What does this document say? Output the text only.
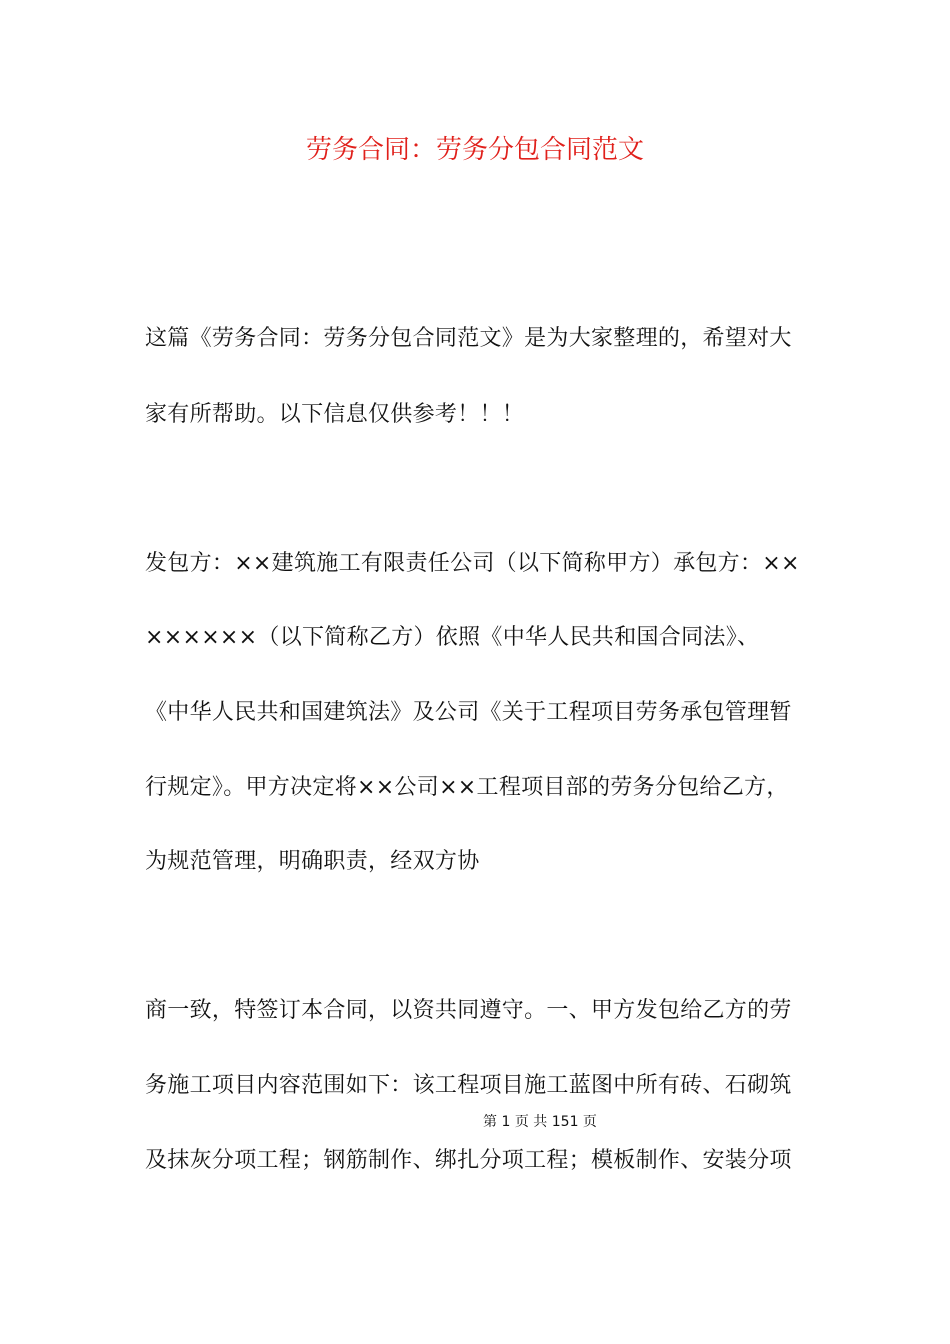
劳务合同：劳务分包合同范文
这篇《劳务合同：劳务分包合同范文》是为大家整理的，希望对大
家有所帮助。以下信息仅供参考！！！
发包方：××建筑施工有限责任公司（以下简称甲方）承包方：××
××××××（以下简称乙方）依照《中华人民共和国合同法》、
《中华人民共和国建筑法》及公司《关于工程项目劳务承包管理暂
行规定》。甲方决定将××公司××工程项目部的劳务分包给乙方，
为规范管理，明确职责，经双方协
商一致，特签订本合同，以资共同遵守。一、甲方发包给乙方的劳
务施工项目内容范围如下：该工程项目施工蓝图中所有砖、石砌筑
及抹灰分项工程；钢筋制作、绑扎分项工程；模板制作、安装分项
第 1 页 共 151 页
